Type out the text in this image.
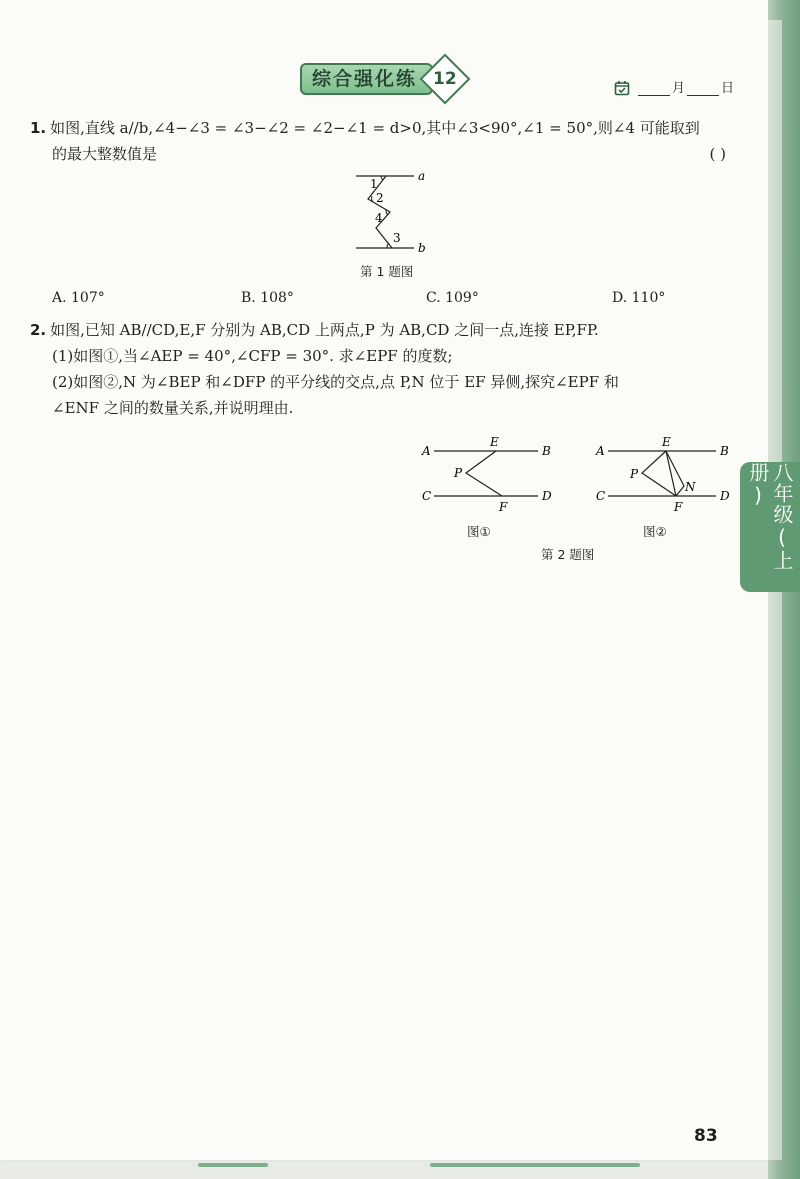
八年级(上册)
综合强化练 12	月	日
1. 如图,直线 a//b,∠4−∠3 = ∠3−∠2 = ∠2−∠1 = d>0,其中∠3<90°,∠1 = 50°,则∠4 可能取到
的最大整数值是	( )
a
b
1
2
4
3
第 1 题图
A. 107°	B. 108°	C. 109°	D. 110°
2. 如图,已知 AB//CD,E,F 分别为 AB,CD 上两点,P 为 AB,CD 之间一点,连接 EP,FP.
(1)如图①,当∠AEP = 40°,∠CFP = 30°. 求∠EPF 的度数;
(2)如图②,N 为∠BEP 和∠DFP 的平分线的交点,点 P,N 位于 EF 异侧,探究∠EPF 和
∠ENF 之间的数量关系,并说明理由.
A	B
C	D
E
F
P
图①
A	B
C	D
E
F
P
N
图②
第 2 题图
83
